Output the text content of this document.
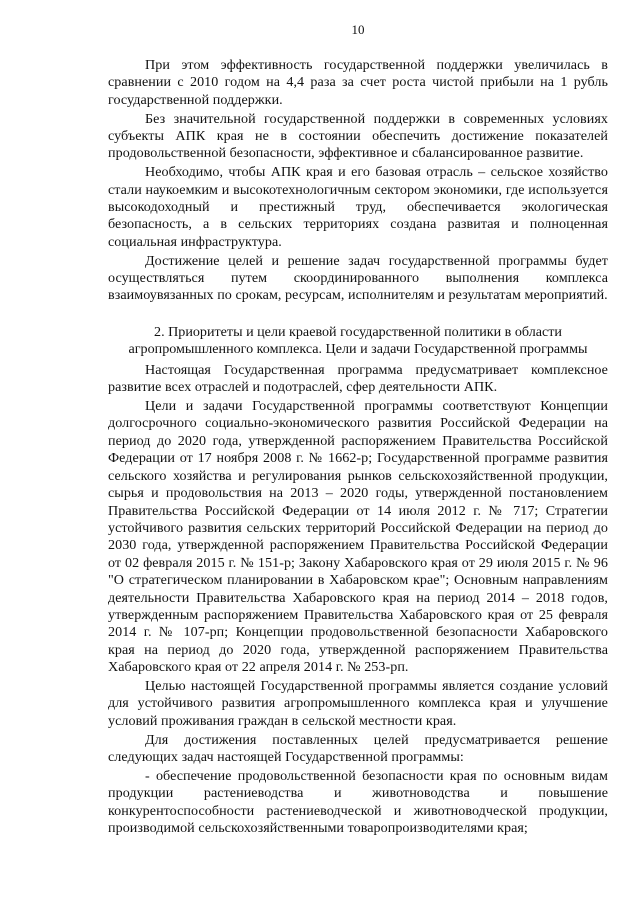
10

При этом эффективность государственной поддержки увеличилась в сравнении с 2010 годом на 4,4 раза за счет роста чистой прибыли на 1 рубль государственной поддержки.

Без значительной государственной поддержки в современных условиях субъекты АПК края не в состоянии обеспечить достижение показателей продовольственной безопасности, эффективное и сбалансированное развитие.

Необходимо, чтобы АПК края и его базовая отрасль – сельское хозяйство стали наукоемким и высокотехнологичным сектором экономики, где используется высокодоходный и престижный труд, обеспечивается экологическая безопасность, а в сельских территориях создана развитая и полноценная социальная инфраструктура.

Достижение целей и решение задач государственной программы будет осуществляться путем скоординированного выполнения комплекса взаимоувязанных по срокам, ресурсам, исполнителям и результатам мероприятий.

2. Приоритеты и цели краевой государственной политики в области
агропромышленного комплекса. Цели и задачи Государственной программы

Настоящая Государственная программа предусматривает комплексное развитие всех отраслей и подотраслей, сфер деятельности АПК.

Цели и задачи Государственной программы соответствуют Концепции долгосрочного социально-экономического развития Российской Федерации на период до 2020 года, утвержденной распоряжением Правительства Российской Федерации от 17 ноября 2008 г. № 1662-р; Государственной программе развития сельского хозяйства и регулирования рынков сельскохозяйственной продукции, сырья и продовольствия на 2013 – 2020 годы, утвержденной постановлением Правительства Российской Федерации от 14 июля 2012 г. № 717; Стратегии устойчивого развития сельских территорий Российской Федерации на период до 2030 года, утвержденной распоряжением Правительства Российской Федерации от 02 февраля 2015 г. № 151-р; Закону Хабаровского края от 29 июля 2015 г. № 96 "О стратегическом планировании в Хабаровском крае"; Основным направлениям деятельности Правительства Хабаровского края на период 2014 – 2018 годов, утвержденным распоряжением Правительства Хабаровского края от 25 февраля 2014 г. № 107-рп; Концепции продовольственной безопасности Хабаровского края на период до 2020 года, утвержденной распоряжением Правительства Хабаровского края от 22 апреля 2014 г. № 253-рп.

Целью настоящей Государственной программы является создание условий для устойчивого развития агропромышленного комплекса края и улучшение условий проживания граждан в сельской местности края.

Для достижения поставленных целей предусматривается решение следующих задач настоящей Государственной программы:

- обеспечение продовольственной безопасности края по основным видам продукции растениеводства и животноводства и повышение конкурентоспособности растениеводческой и животноводческой продукции, производимой сельскохозяйственными товаропроизводителями края;
